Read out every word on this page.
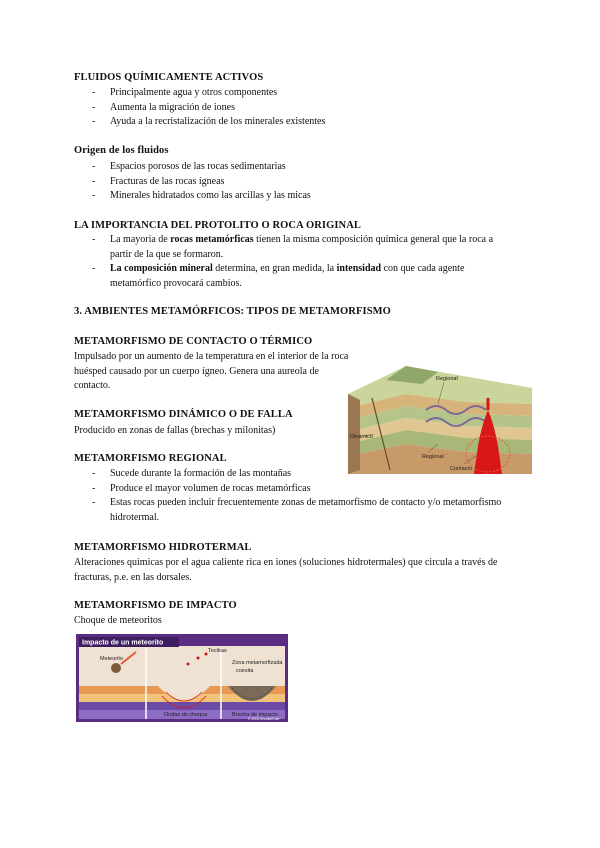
FLUIDOS QUÍMICAMENTE ACTIVOS
- Principalmente agua y otros componentes
- Aumenta la migración de iones
- Ayuda a la recristalización de los minerales existentes
Origen de los fluidos
- Espacios porosos de las rocas sedimentarias
- Fracturas de las rocas ígneas
- Minerales hidratados como las arcillas y las micas
LA IMPORTANCIA DEL PROTOLITO O ROCA ORIGINAL
- La mayoría de rocas metamórficas tienen la misma composición química general que la roca a partir de la que se formaron.
- La composición mineral determina, en gran medida, la intensidad con que cada agente metamórfico provocará cambios.
3. AMBIENTES METAMÓRFICOS: TIPOS DE METAMORFISMO
METAMORFISMO DE CONTACTO O TÉRMICO
Impulsado por un aumento de la temperatura en el interior de la roca huésped causado por un cuerpo ígneo. Genera una aureola de contacto.
Regional
Dinámico
Regional
Contacto
METAMORFISMO DINÁMICO O DE FALLA
Producido en zonas de fallas (brechas y milonitas)
METAMORFISMO REGIONAL
- Sucede durante la formación de las montañas
- Produce el mayor volumen de rocas metamórficas
- Estas rocas pueden incluir frecuentemente zonas de metamorfismo de contacto y/o metamorfismo hidrotermal.
METAMORFISMO HIDROTERMAL
Alteraciones químicas por el agua caliente rica en iones (soluciones hidrotermales) que circula a través de fracturas, p.e. en las dorsales.
METAMORFISMO DE IMPACTO
Choque de meteoritos
Impacto de un meteorito
Meteorito
Tectitas
Ondas de choque
Zona metamorfizada
coesita
Brecha de impacto
© 2003 Brooks/Cole
